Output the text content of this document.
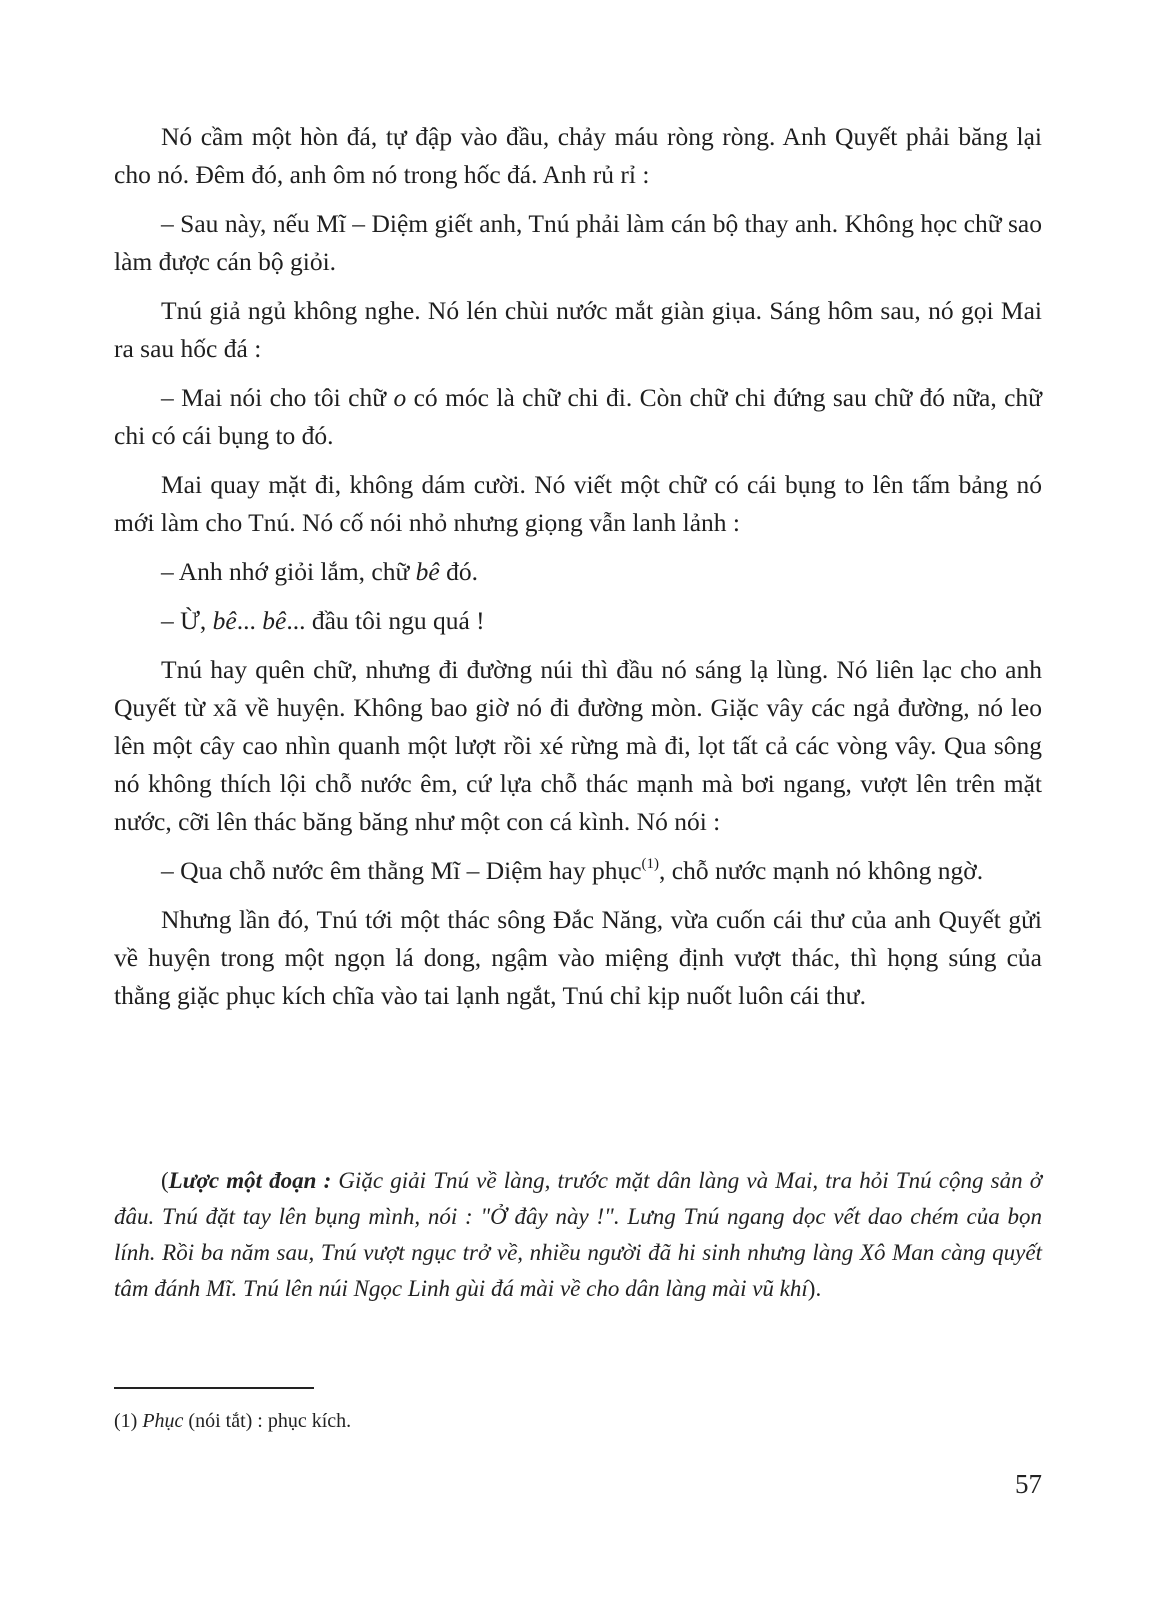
Nó cầm một hòn đá, tự đập vào đầu, chảy máu ròng ròng. Anh Quyết phải băng lại cho nó. Đêm đó, anh ôm nó trong hốc đá. Anh rủ rỉ :

– Sau này, nếu Mĩ – Diệm giết anh, Tnú phải làm cán bộ thay anh. Không học chữ sao làm được cán bộ giỏi.

Tnú giả ngủ không nghe. Nó lén chùi nước mắt giàn giụa. Sáng hôm sau, nó gọi Mai ra sau hốc đá :

– Mai nói cho tôi chữ o có móc là chữ chi đi. Còn chữ chi đứng sau chữ đó nữa, chữ chi có cái bụng to đó.

Mai quay mặt đi, không dám cười. Nó viết một chữ có cái bụng to lên tấm bảng nó mới làm cho Tnú. Nó cố nói nhỏ nhưng giọng vẫn lanh lảnh :

– Anh nhớ giỏi lắm, chữ bê đó.

– Ừ, bê... bê... đầu tôi ngu quá !

Tnú hay quên chữ, nhưng đi đường núi thì đầu nó sáng lạ lùng. Nó liên lạc cho anh Quyết từ xã về huyện. Không bao giờ nó đi đường mòn. Giặc vây các ngả đường, nó leo lên một cây cao nhìn quanh một lượt rồi xé rừng mà đi, lọt tất cả các vòng vây. Qua sông nó không thích lội chỗ nước êm, cứ lựa chỗ thác mạnh mà bơi ngang, vượt lên trên mặt nước, cỡi lên thác băng băng như một con cá kình. Nó nói :

– Qua chỗ nước êm thằng Mĩ – Diệm hay phục$^{(1)}$, chỗ nước mạnh nó không ngờ.

Nhưng lần đó, Tnú tới một thác sông Đắc Năng, vừa cuốn cái thư của anh Quyết gửi về huyện trong một ngọn lá dong, ngậm vào miệng định vượt thác, thì họng súng của thằng giặc phục kích chĩa vào tai lạnh ngắt, Tnú chỉ kịp nuốt luôn cái thư.

(Lược một đoạn : Giặc giải Tnú về làng, trước mặt dân làng và Mai, tra hỏi Tnú cộng sản ở đâu. Tnú đặt tay lên bụng mình, nói : "Ở đây này !". Lưng Tnú ngang dọc vết dao chém của bọn lính. Rồi ba năm sau, Tnú vượt ngục trở về, nhiều người đã hi sinh nhưng làng Xô Man càng quyết tâm đánh Mĩ. Tnú lên núi Ngọc Linh gùi đá mài về cho dân làng mài vũ khí).

(1) Phục (nói tắt) : phục kích.
57
